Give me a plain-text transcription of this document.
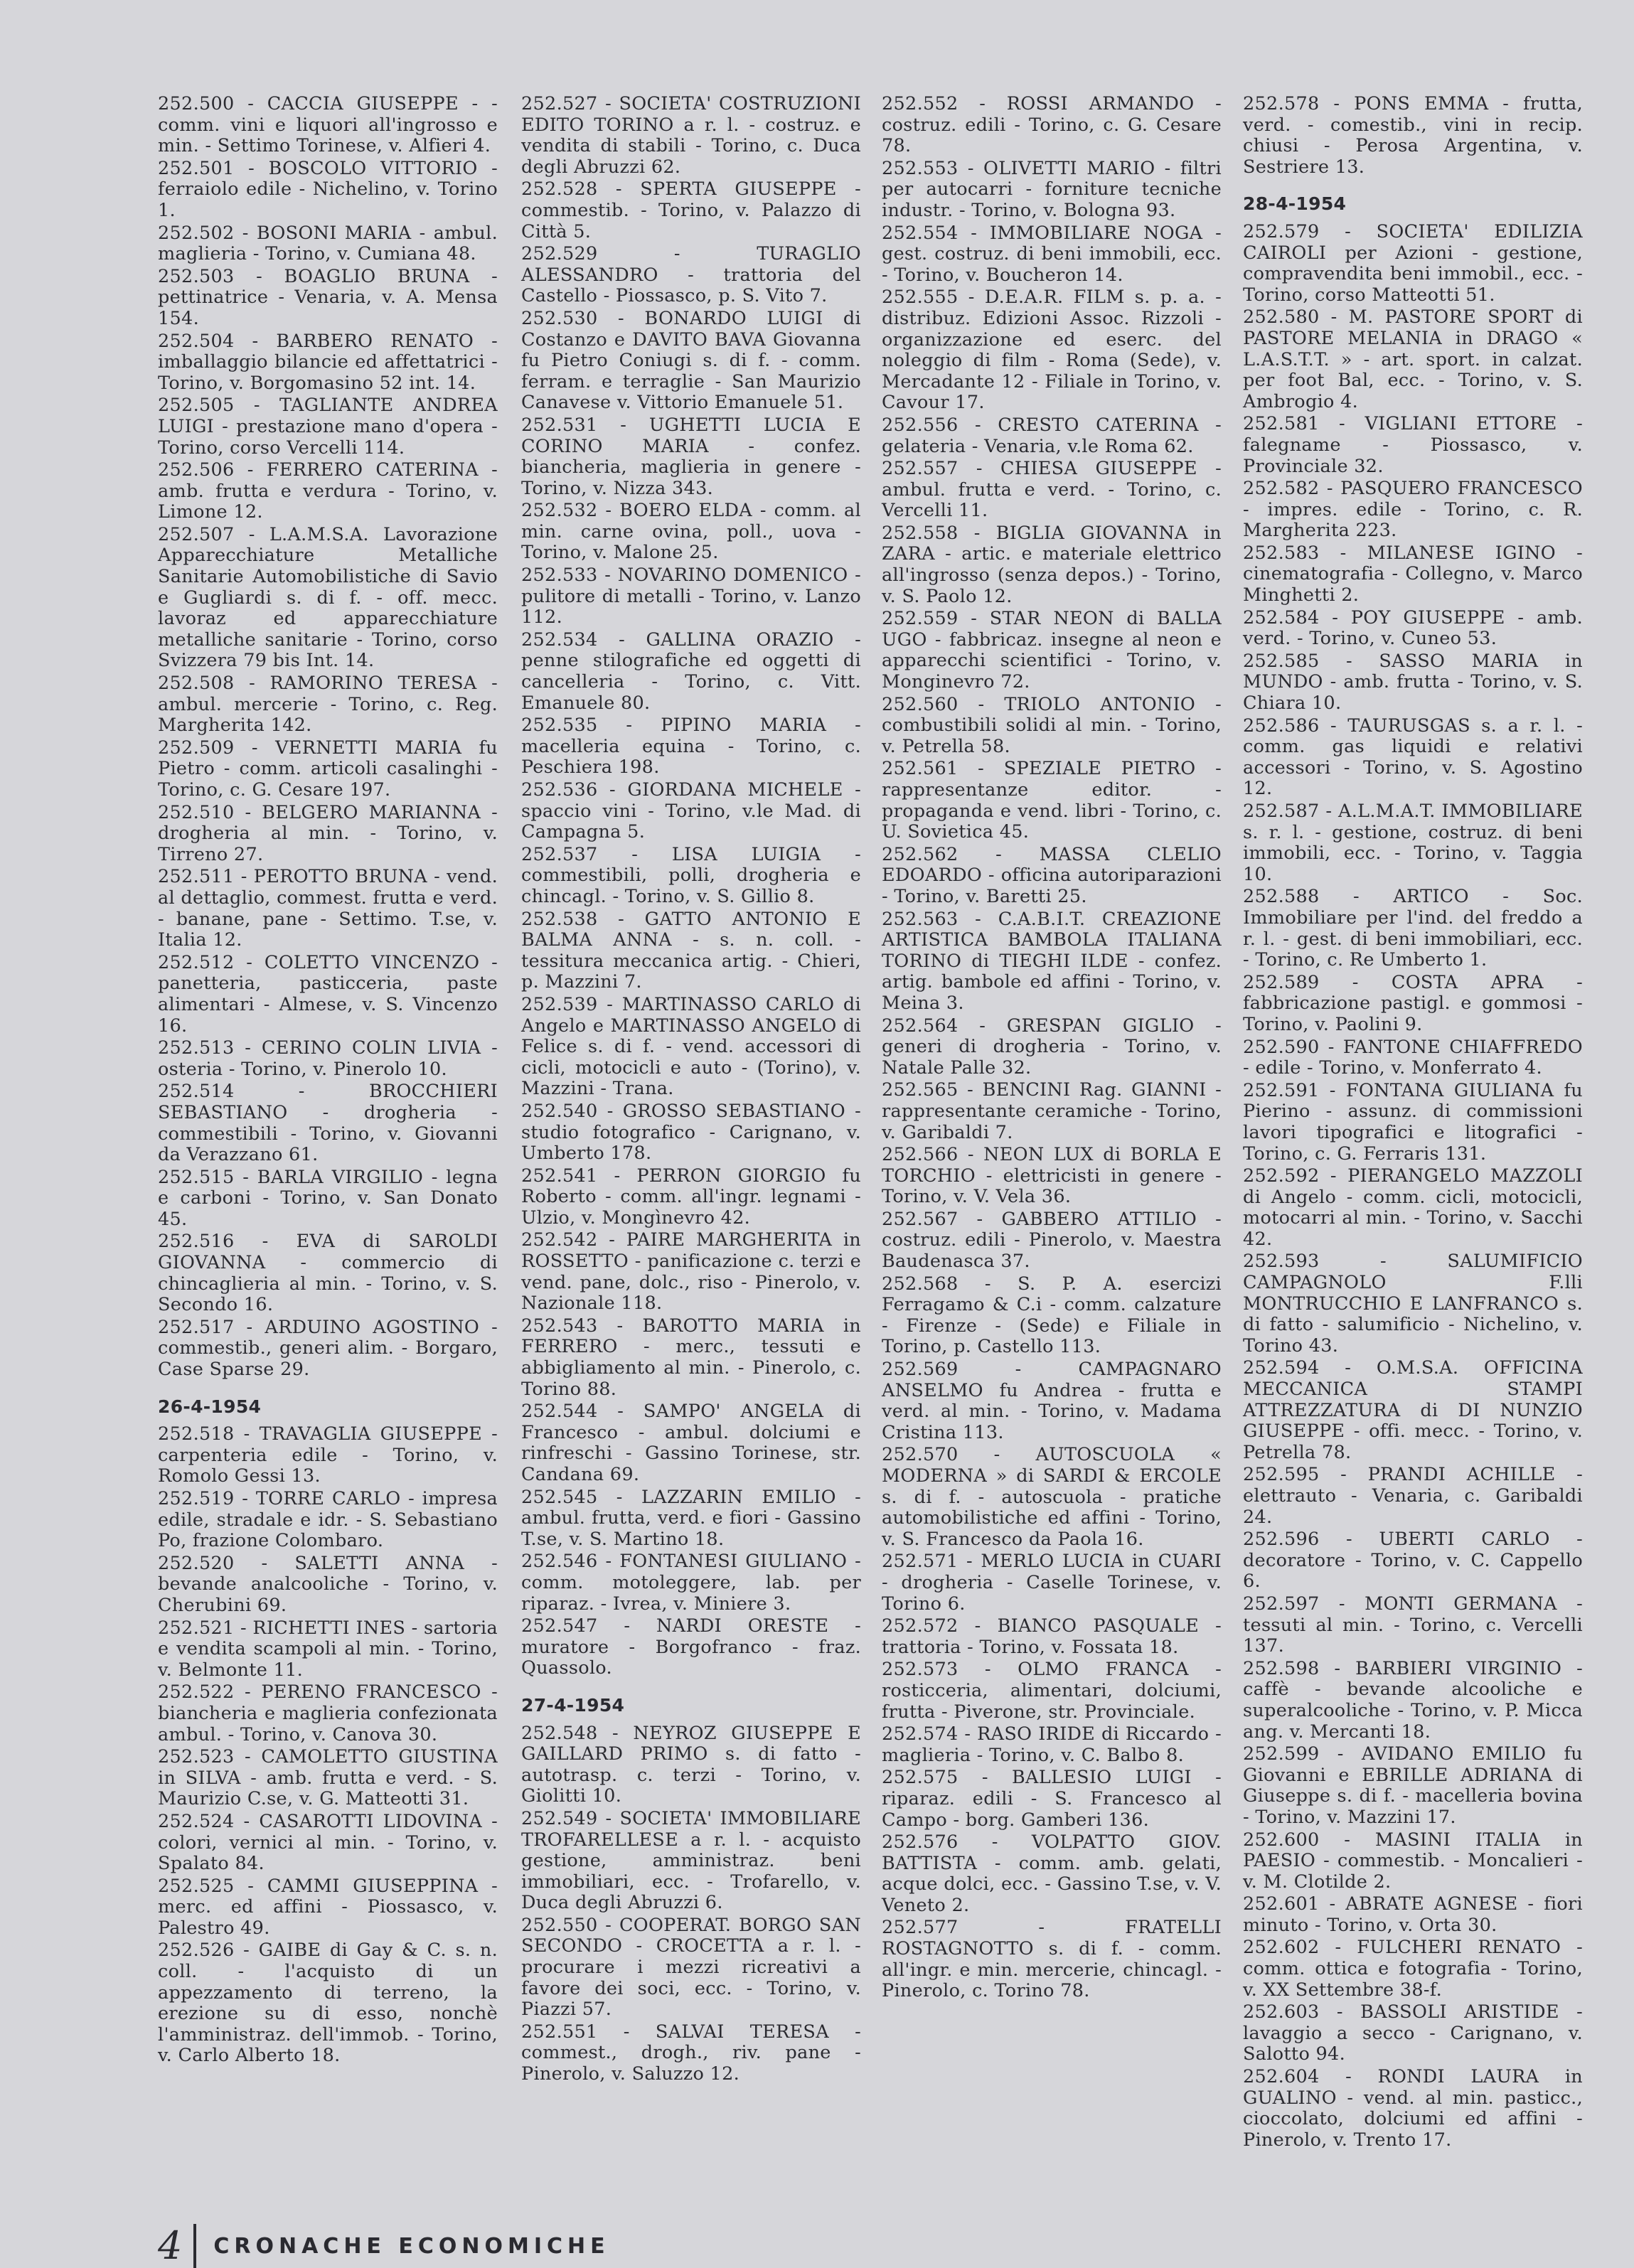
252.500 - CACCIA GIUSEPPE - - comm. vini e liquori all'ingrosso e min. - Settimo Torinese, v. Alfieri 4.
252.501 - BOSCOLO VITTORIO - ferraiolo edile - Nichelino, v. Torino 1.
252.502 - BOSONI MARIA - ambul. maglieria - Torino, v. Cumiana 48.
252.503 - BOAGLIO BRUNA - pettinatrice - Venaria, v. A. Mensa 154.
252.504 - BARBERO RENATO - imballaggio bilancie ed affettatrici - Torino, v. Borgomasino 52 int. 14.
252.505 - TAGLIANTE ANDREA LUIGI - prestazione mano d'opera - Torino, corso Vercelli 114.
252.506 - FERRERO CATERINA - amb. frutta e verdura - Torino, v. Limone 12.
252.507 - L.A.M.S.A. Lavorazione Apparecchiature Metalliche Sanitarie Automobilistiche di Savio e Gugliardi s. di f. - off. mecc. lavoraz ed apparecchiature metalliche sanitarie - Torino, corso Svizzera 79 bis Int. 14.
252.508 - RAMORINO TERESA - ambul. mercerie - Torino, c. Reg. Margherita 142.
252.509 - VERNETTI MARIA fu Pietro - comm. articoli casalinghi - Torino, c. G. Cesare 197.
252.510 - BELGERO MARIANNA - drogheria al min. - Torino, v. Tirreno 27.
252.511 - PEROTTO BRUNA - vend. al dettaglio, commest. frutta e verd. - banane, pane - Settimo. T.se, v. Italia 12.
252.512 - COLETTO VINCENZO - panetteria, pasticceria, paste alimentari - Almese, v. S. Vincenzo 16.
252.513 - CERINO COLIN LIVIA - osteria - Torino, v. Pinerolo 10.
252.514	- BROCCHIERI SEBASTIANO - drogheria - commestibili - Torino, v. Giovanni da Verazzano 61.
252.515 - BARLA VIRGILIO - legna e carboni - Torino, v. San Donato 45.
252.516 - EVA di SAROLDI GIOVANNA - commercio di chincaglieria al min. - Torino, v. S. Secondo 16.
252.517 - ARDUINO AGOSTINO - commestib., generi alim. - Borgaro, Case Sparse 29.
26-4-1954
252.518 - TRAVAGLIA GIUSEPPE - carpenteria edile - Torino, v. Romolo Gessi 13.
252.519 - TORRE CARLO - impresa edile, stradale e idr. - S. Sebastiano Po, frazione Colombaro.
252.520 - SALETTI ANNA - bevande analcooliche - Torino, v. Cherubini 69.
252.521 - RICHETTI INES - sartoria e vendita scampoli al min. - Torino, v. Belmonte 11.
252.522 - PERENO FRANCESCO - biancheria e maglieria confezionata ambul. - Torino, v. Canova 30.
252.523 - CAMOLETTO GIUSTINA in SILVA - amb. frutta e verd. - S. Maurizio C.se, v. G. Matteotti 31.
252.524 - CASAROTTI LIDOVINA - colori, vernici al min. - Torino, v. Spalato 84.
252.525 - CAMMI GIUSEPPINA - merc. ed affini - Piossasco, v. Palestro 49.
252.526 - GAIBE di Gay & C. s. n. coll. - l'acquisto di un appezzamento di terreno, la erezione su di esso, nonchè l'amministraz. dell'immob. - Torino, v. Carlo Alberto 18.
252.527 - SOCIETA' COSTRUZIONI EDITO TORINO a r. l. - costruz. e vendita di stabili - Torino, c. Duca degli Abruzzi 62.
252.528 - SPERTA GIUSEPPE - commestib. - Torino, v. Palazzo di Città 5.
252.529	- TURAGLIO ALESSANDRO - trattoria del Castello - Piossasco, p. S. Vito 7.
252.530 - BONARDO LUIGI di Costanzo e DAVITO BAVA Giovanna fu Pietro Coniugi s. di f. - comm. ferram. e terraglie - San Maurizio Canavese v. Vittorio Emanuele 51.
252.531 - UGHETTI LUCIA E CORINO MARIA - confez. biancheria, maglieria in genere - Torino, v. Nizza 343.
252.532 - BOERO ELDA - comm. al min. carne ovina, poll., uova - Torino, v. Malone 25.
252.533 - NOVARINO DOMENICO - pulitore di metalli - Torino, v. Lanzo 112.
252.534 - GALLINA ORAZIO - penne stilografiche ed oggetti di cancelleria - Torino, c. Vitt. Emanuele 80.
252.535 - PIPINO MARIA - macelleria equina - Torino, c. Peschiera 198.
252.536 - GIORDANA MICHELE - spaccio vini - Torino, v.le Mad. di Campagna 5.
252.537 - LISA LUIGIA - commestibili, polli, drogheria e chincagl. - Torino, v. S. Gillio 8.
252.538 - GATTO ANTONIO E BALMA ANNA - s. n. coll. - tessitura meccanica artig. - Chieri, p. Mazzini 7.
252.539 - MARTINASSO CARLO di Angelo e MARTINASSO ANGELO di Felice s. di f. - vend. accessori di cicli, motocicli e auto - (Torino), v. Mazzini - Trana.
252.540 - GROSSO SEBASTIANO - studio fotografico - Carignano, v. Umberto 178.
252.541 - PERRON GIORGIO fu Roberto - comm. all'ingr. legnami - Ulzio, v. Mongìnevro 42.
252.542 - PAIRE MARGHERITA in ROSSETTO - panificazione c. terzi e vend. pane, dolc., riso - Pinerolo, v. Nazionale 118.
252.543 - BAROTTO MARIA in FERRERO - merc., tessuti e abbigliamento al min. - Pinerolo, c. Torino 88.
252.544 - SAMPO' ANGELA di Francesco - ambul. dolciumi e rinfreschi - Gassino Torinese, str. Candana 69.
252.545 - LAZZARIN EMILIO - ambul. frutta, verd. e fiori - Gassino T.se, v. S. Martino 18.
252.546 - FONTANESI GIULIANO - comm. motoleggere, lab. per riparaz. - Ivrea, v. Miniere 3.
252.547 - NARDI ORESTE - muratore - Borgofranco - fraz. Quassolo.
27-4-1954
252.548 - NEYROZ GIUSEPPE E GAILLARD PRIMO s. di fatto - autotrasp. c. terzi - Torino, v. Giolitti 10.
252.549 - SOCIETA' IMMOBILIARE TROFARELLESE a r. l. - acquisto gestione, amministraz. beni immobiliari, ecc. - Trofarello, v. Duca degli Abruzzi 6.
252.550 - COOPERAT. BORGO SAN SECONDO - CROCETTA a r. l. - procurare i mezzi ricreativi a favore dei soci, ecc. - Torino, v. Piazzi 57.
252.551 - SALVAI TERESA - commest., drogh., riv. pane - Pinerolo, v. Saluzzo 12.
252.552 - ROSSI ARMANDO - costruz. edili - Torino, c. G. Cesare 78.
252.553 - OLIVETTI MARIO - filtri per autocarri - forniture tecniche industr. - Torino, v. Bologna 93.
252.554 - IMMOBILIARE NOGA - gest. costruz. di beni immobili, ecc. - Torino, v. Boucheron 14.
252.555 - D.E.A.R. FILM s. p. a. - distribuz. Edizioni Assoc. Rizzoli - organizzazione ed eserc. del noleggio di film - Roma (Sede), v. Mercadante 12 - Filiale in Torino, v. Cavour 17.
252.556 - CRESTO CATERINA - gelateria - Venaria, v.le Roma 62.
252.557 - CHIESA GIUSEPPE - ambul. frutta e verd. - Torino, c. Vercelli 11.
252.558 - BIGLIA GIOVANNA in ZARA - artic. e materiale elettrico all'ingrosso (senza depos.) - Torino, v. S. Paolo 12.
252.559 - STAR NEON di BALLA UGO - fabbricaz. insegne al neon e apparecchi scientifici - Torino, v. Monginevro 72.
252.560 - TRIOLO ANTONIO - combustibili solidi al min. - Torino, v. Petrella 58.
252.561 - SPEZIALE PIETRO - rappresentanze editor. - propaganda e vend. libri - Torino, c. U. Sovietica 45.
252.562 - MASSA CLELIO EDOARDO - officina autoriparazioni - Torino, v. Baretti 25.
252.563 - C.A.B.I.T. CREAZIONE ARTISTICA BAMBOLA ITALIANA TORINO di TIEGHI ILDE - confez. artig. bambole ed affini - Torino, v. Meina 3.
252.564 - GRESPAN GIGLIO - generi di drogheria - Torino, v. Natale Palle 32.
252.565 - BENCINI Rag. GIANNI - rappresentante ceramiche - Torino, v. Garibaldi 7.
252.566 - NEON LUX di BORLA E TORCHIO - elettricisti in genere - Torino, v. V. Vela 36.
252.567 - GABBERO ATTILIO - costruz. edili - Pinerolo, v. Maestra Baudenasca 37.
252.568 - S. P. A. esercizi Ferragamo & C.i - comm. calzature - Firenze - (Sede) e Filiale in Torino, p. Castello 113.
252.569	- CAMPAGNARO ANSELMO fu Andrea - frutta e verd. al min. - Torino, v. Madama Cristina 113.
252.570 - AUTOSCUOLA « MODERNA » di SARDI & ERCOLE s. di f. - autoscuola - pratiche automobilistiche ed affini - Torino, v. S. Francesco da Paola 16.
252.571 - MERLO LUCIA in CUARI - drogheria - Caselle Torinese, v. Torino 6.
252.572 - BIANCO PASQUALE - trattoria - Torino, v. Fossata 18.
252.573 - OLMO FRANCA - rosticceria, alimentari, dolciumi, frutta - Piverone, str. Provinciale.
252.574 - RASO IRIDE di Riccardo - maglieria - Torino, v. C. Balbo 8.
252.575 - BALLESIO LUIGI - riparaz. edili - S. Francesco al Campo - borg. Gamberi 136.
252.576 - VOLPATTO GIOV. BATTISTA - comm. amb. gelati, acque dolci, ecc. - Gassino T.se, v. V. Veneto 2.
252.577	- FRATELLI ROSTAGNOTTO s. di f. - comm. all'ingr. e min. mercerie, chincagl. - Pinerolo, c. Torino 78.
252.578 - PONS EMMA - frutta, verd. - comestib., vini in recip. chiusi - Perosa Argentina, v. Sestriere 13.
28-4-1954
252.579 - SOCIETA' EDILIZIA CAIROLI per Azioni - gestione, compravendita beni immobil., ecc. - Torino, corso Matteotti 51.
252.580 - M. PASTORE SPORT di PASTORE MELANIA in DRAGO « L.A.S.T.T. » - art. sport. in calzat. per foot Bal, ecc. - Torino, v. S. Ambrogio 4.
252.581 - VIGLIANI ETTORE - falegname - Piossasco, v. Provinciale 32.
252.582 - PASQUERO FRANCESCO - impres. edile - Torino, c. R. Margherita 223.
252.583 - MILANESE IGINO - cinematografia - Collegno, v. Marco Minghetti 2.
252.584 - POY GIUSEPPE - amb. verd. - Torino, v. Cuneo 53.
252.585 - SASSO MARIA in MUNDO - amb. frutta - Torino, v. S. Chiara 10.
252.586 - TAURUSGAS s. a r. l. - comm. gas liquidi e relativi accessori - Torino, v. S. Agostino 12.
252.587 - A.L.M.A.T. IMMOBILIARE s. r. l. - gestione, costruz. di beni immobili, ecc. - Torino, v. Taggia 10.
252.588 - ARTICO - Soc. Immobiliare per l'ind. del freddo a r. l. - gest. di beni immobiliari, ecc. - Torino, c. Re Umberto 1.
252.589 - COSTA APRA - fabbricazione pastigl. e gommosi - Torino, v. Paolini 9.
252.590 - FANTONE CHIAFFREDO - edile - Torino, v. Monferrato 4.
252.591 - FONTANA GIULIANA fu Pierino - assunz. di commissioni lavori tipografici e litografici - Torino, c. G. Ferraris 131.
252.592 - PIERANGELO MAZZOLI di Angelo - comm. cicli, motocicli, motocarri al min. - Torino, v. Sacchi 42.
252.593	- SALUMIFICIO CAMPAGNOLO F.lli MONTRUCCHIO E LANFRANCO s. di fatto - salumificio - Nichelino, v. Torino 43.
252.594 - O.M.S.A. OFFICINA MECCANICA STAMPI ATTREZZATURA di DI NUNZIO GIUSEPPE - offi. mecc. - Torino, v. Petrella 78.
252.595 - PRANDI ACHILLE - elettrauto - Venaria, c. Garibaldi 24.
252.596 - UBERTI CARLO - decoratore - Torino, v. C. Cappello 6.
252.597 - MONTI GERMANA - tessuti al min. - Torino, c. Vercelli 137.
252.598 - BARBIERI VIRGINIO - caffè - bevande alcooliche e superalcooliche - Torino, v. P. Micca ang. v. Mercanti 18.
252.599 - AVIDANO EMILIO fu Giovanni e EBRILLE ADRIANA di Giuseppe s. di f. - macelleria bovina - Torino, v. Mazzini 17.
252.600 - MASINI ITALIA in PAESIO - commestib. - Moncalieri - v. M. Clotilde 2.
252.601 - ABRATE AGNESE - fiori minuto - Torino, v. Orta 30.
252.602 - FULCHERI RENATO - comm. ottica e fotografia - Torino, v. XX Settembre 38-f.
252.603 - BASSOLI ARISTIDE - lavaggio a secco - Carignano, v. Salotto 94.
252.604 - RONDI LAURA in GUALINO - vend. al min. pasticc., cioccolato, dolciumi ed affini - Pinerolo, v. Trento 17.
4 CRONACHE ECONOMICHE
